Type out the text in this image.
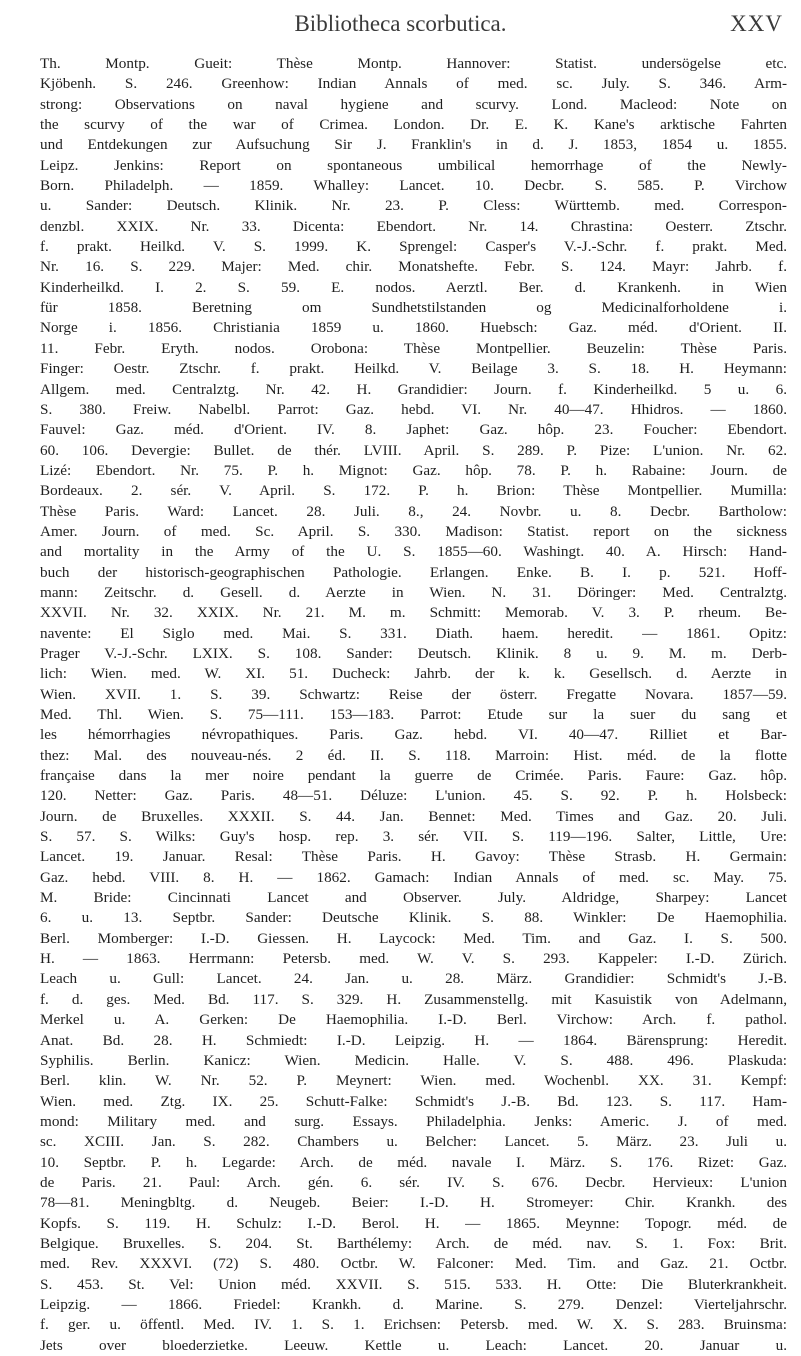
Bibliotheca scorbutica.	XXV
Th. Montp. Gueit: Thèse Montp. Hannover: Statist. undersögelse etc.
Kjöbenh. S. 246. Greenhow: Indian Annals of med. sc. July. S. 346. Arm-
strong: Observations on naval hygiene and scurvy. Lond. Macleod: Note on
the scurvy of the war of Crimea. London. Dr. E. K. Kane's arktische Fahrten
und Entdekungen zur Aufsuchung Sir J. Franklin's in d. J. 1853, 1854 u. 1855.
Leipz. Jenkins: Report on spontaneous umbilical hemorrhage of the Newly-
Born. Philadelph. — 1859. Whalley: Lancet. 10. Decbr. S. 585. P. Virchow
u. Sander: Deutsch. Klinik. Nr. 23. P. Cless: Württemb. med. Correspon-
denzbl. XXIX. Nr. 33. Dicenta: Ebendort. Nr. 14. Chrastina: Oesterr. Ztschr.
f. prakt. Heilkd. V. S. 1999. K. Sprengel: Casper's V.-J.-Schr. f. prakt. Med.
Nr. 16. S. 229. Majer: Med. chir. Monatshefte. Febr. S. 124. Mayr: Jahrb. f.
Kinderheilkd. I. 2. S. 59. E. nodos. Aerztl. Ber. d. Krankenh. in Wien
für 1858. Beretning om Sundhetstilstanden og Medicinalforholdene i.
Norge i. 1856. Christiania 1859 u. 1860. Huebsch: Gaz. méd. d'Orient. II.
11. Febr. Eryth. nodos. Orobona: Thèse Montpellier. Beuzelin: Thèse Paris.
Finger: Oestr. Ztschr. f. prakt. Heilkd. V. Beilage 3. S. 18. H. Heymann:
Allgem. med. Centralztg. Nr. 42. H. Grandidier: Journ. f. Kinderheilkd. 5 u. 6.
S. 380. Freiw. Nabelbl. Parrot: Gaz. hebd. VI. Nr. 40—47. Hhidros. — 1860.
Fauvel: Gaz. méd. d'Orient. IV. 8. Japhet: Gaz. hôp. 23. Foucher: Ebendort.
60. 106. Devergie: Bullet. de thér. LVIII. April. S. 289. P. Pize: L'union. Nr. 62.
Lizé: Ebendort. Nr. 75. P. h. Mignot: Gaz. hôp. 78. P. h. Rabaine: Journ. de
Bordeaux. 2. sér. V. April. S. 172. P. h. Brion: Thèse Montpellier. Mumilla:
Thèse Paris. Ward: Lancet. 28. Juli. 8., 24. Novbr. u. 8. Decbr. Bartholow:
Amer. Journ. of med. Sc. April. S. 330. Madison: Statist. report on the sickness
and mortality in the Army of the U. S. 1855—60. Washingt. 40. A. Hirsch: Hand-
buch der historisch-geographischen Pathologie. Erlangen. Enke. B. I. p. 521. Hoff-
mann: Zeitschr. d. Gesell. d. Aerzte in Wien. N. 31. Döringer: Med. Centralztg.
XXVII. Nr. 32. XXIX. Nr. 21. M. m. Schmitt: Memorab. V. 3. P. rheum. Be-
navente: El Siglo med. Mai. S. 331. Diath. haem. heredit. — 1861. Opitz:
Prager V.-J.-Schr. LXIX. S. 108. Sander: Deutsch. Klinik. 8 u. 9. M. m. Derb-
lich: Wien. med. W. XI. 51. Ducheck: Jahrb. der k. k. Gesellsch. d. Aerzte in
Wien. XVII. 1. S. 39. Schwartz: Reise der österr. Fregatte Novara. 1857—59.
Med. Thl. Wien. S. 75—111. 153—183. Parrot: Etude sur la suer du sang et
les hémorrhagies névropathiques. Paris. Gaz. hebd. VI. 40—47. Rilliet et Bar-
thez: Mal. des nouveau-nés. 2 éd. II. S. 118. Marroin: Hist. méd. de la flotte
française dans la mer noire pendant la guerre de Crimée. Paris. Faure: Gaz. hôp.
120. Netter: Gaz. Paris. 48—51. Déluze: L'union. 45. S. 92. P. h. Holsbeck:
Journ. de Bruxelles. XXXII. S. 44. Jan. Bennet: Med. Times and Gaz. 20. Juli.
S. 57. S. Wilks: Guy's hosp. rep. 3. sér. VII. S. 119—196. Salter, Little, Ure:
Lancet. 19. Januar. Resal: Thèse Paris. H. Gavoy: Thèse Strasb. H. Germain:
Gaz. hebd. VIII. 8. H. — 1862. Gamach: Indian Annals of med. sc. May. 75.
M. Bride: Cincinnati Lancet and Observer. July. Aldridge, Sharpey: Lancet
6. u. 13. Septbr. Sander: Deutsche Klinik. S. 88. Winkler: De Haemophilia.
Berl. Momberger: I.-D. Giessen. H. Laycock: Med. Tim. and Gaz. I. S. 500.
H. — 1863. Herrmann: Petersb. med. W. V. S. 293. Kappeler: I.-D. Zürich.
Leach u. Gull: Lancet. 24. Jan. u. 28. März. Grandidier: Schmidt's J.-B.
f. d. ges. Med. Bd. 117. S. 329. H. Zusammenstellg. mit Kasuistik von Adelmann,
Merkel u. A. Gerken: De Haemophilia. I.-D. Berl. Virchow: Arch. f. pathol.
Anat. Bd. 28. H. Schmiedt: I.-D. Leipzig. H. — 1864. Bärensprung: Heredit.
Syphilis. Berlin. Kanicz: Wien. Medicin. Halle. V. S. 488. 496. Plaskuda:
Berl. klin. W. Nr. 52. P. Meynert: Wien. med. Wochenbl. XX. 31. Kempf:
Wien. med. Ztg. IX. 25. Schutt-Falke: Schmidt's J.-B. Bd. 123. S. 117. Ham-
mond: Military med. and surg. Essays. Philadelphia. Jenks: Americ. J. of med.
sc. XCIII. Jan. S. 282. Chambers u. Belcher: Lancet. 5. März. 23. Juli u.
10. Septbr. P. h. Legarde: Arch. de méd. navale I. März. S. 176. Rizet: Gaz.
de Paris. 21. Paul: Arch. gén. 6. sér. IV. S. 676. Decbr. Hervieux: L'union
78—81. Meningbltg. d. Neugeb. Beier: I.-D. H. Stromeyer: Chir. Krankh. des
Kopfs. S. 119. H. Schulz: I.-D. Berol. H. — 1865. Meynne: Topogr. méd. de
Belgique. Bruxelles. S. 204. St. Barthélemy: Arch. de méd. nav. S. 1. Fox: Brit.
med. Rev. XXXVI. (72) S. 480. Octbr. W. Falconer: Med. Tim. and Gaz. 21. Octbr.
S. 453. St. Vel: Union méd. XXVII. S. 515. 533. H. Otte: Die Bluterkrankheit.
Leipzig. — 1866. Friedel: Krankh. d. Marine. S. 279. Denzel: Vierteljahrschr.
f. ger. u. öffentl. Med. IV. 1. S. 1. Erichsen: Petersb. med. W. X. S. 283. Bruinsma:
Jets over bloederzietke. Leeuw. Kettle u. Leach: Lancet. 20. Januar u.
